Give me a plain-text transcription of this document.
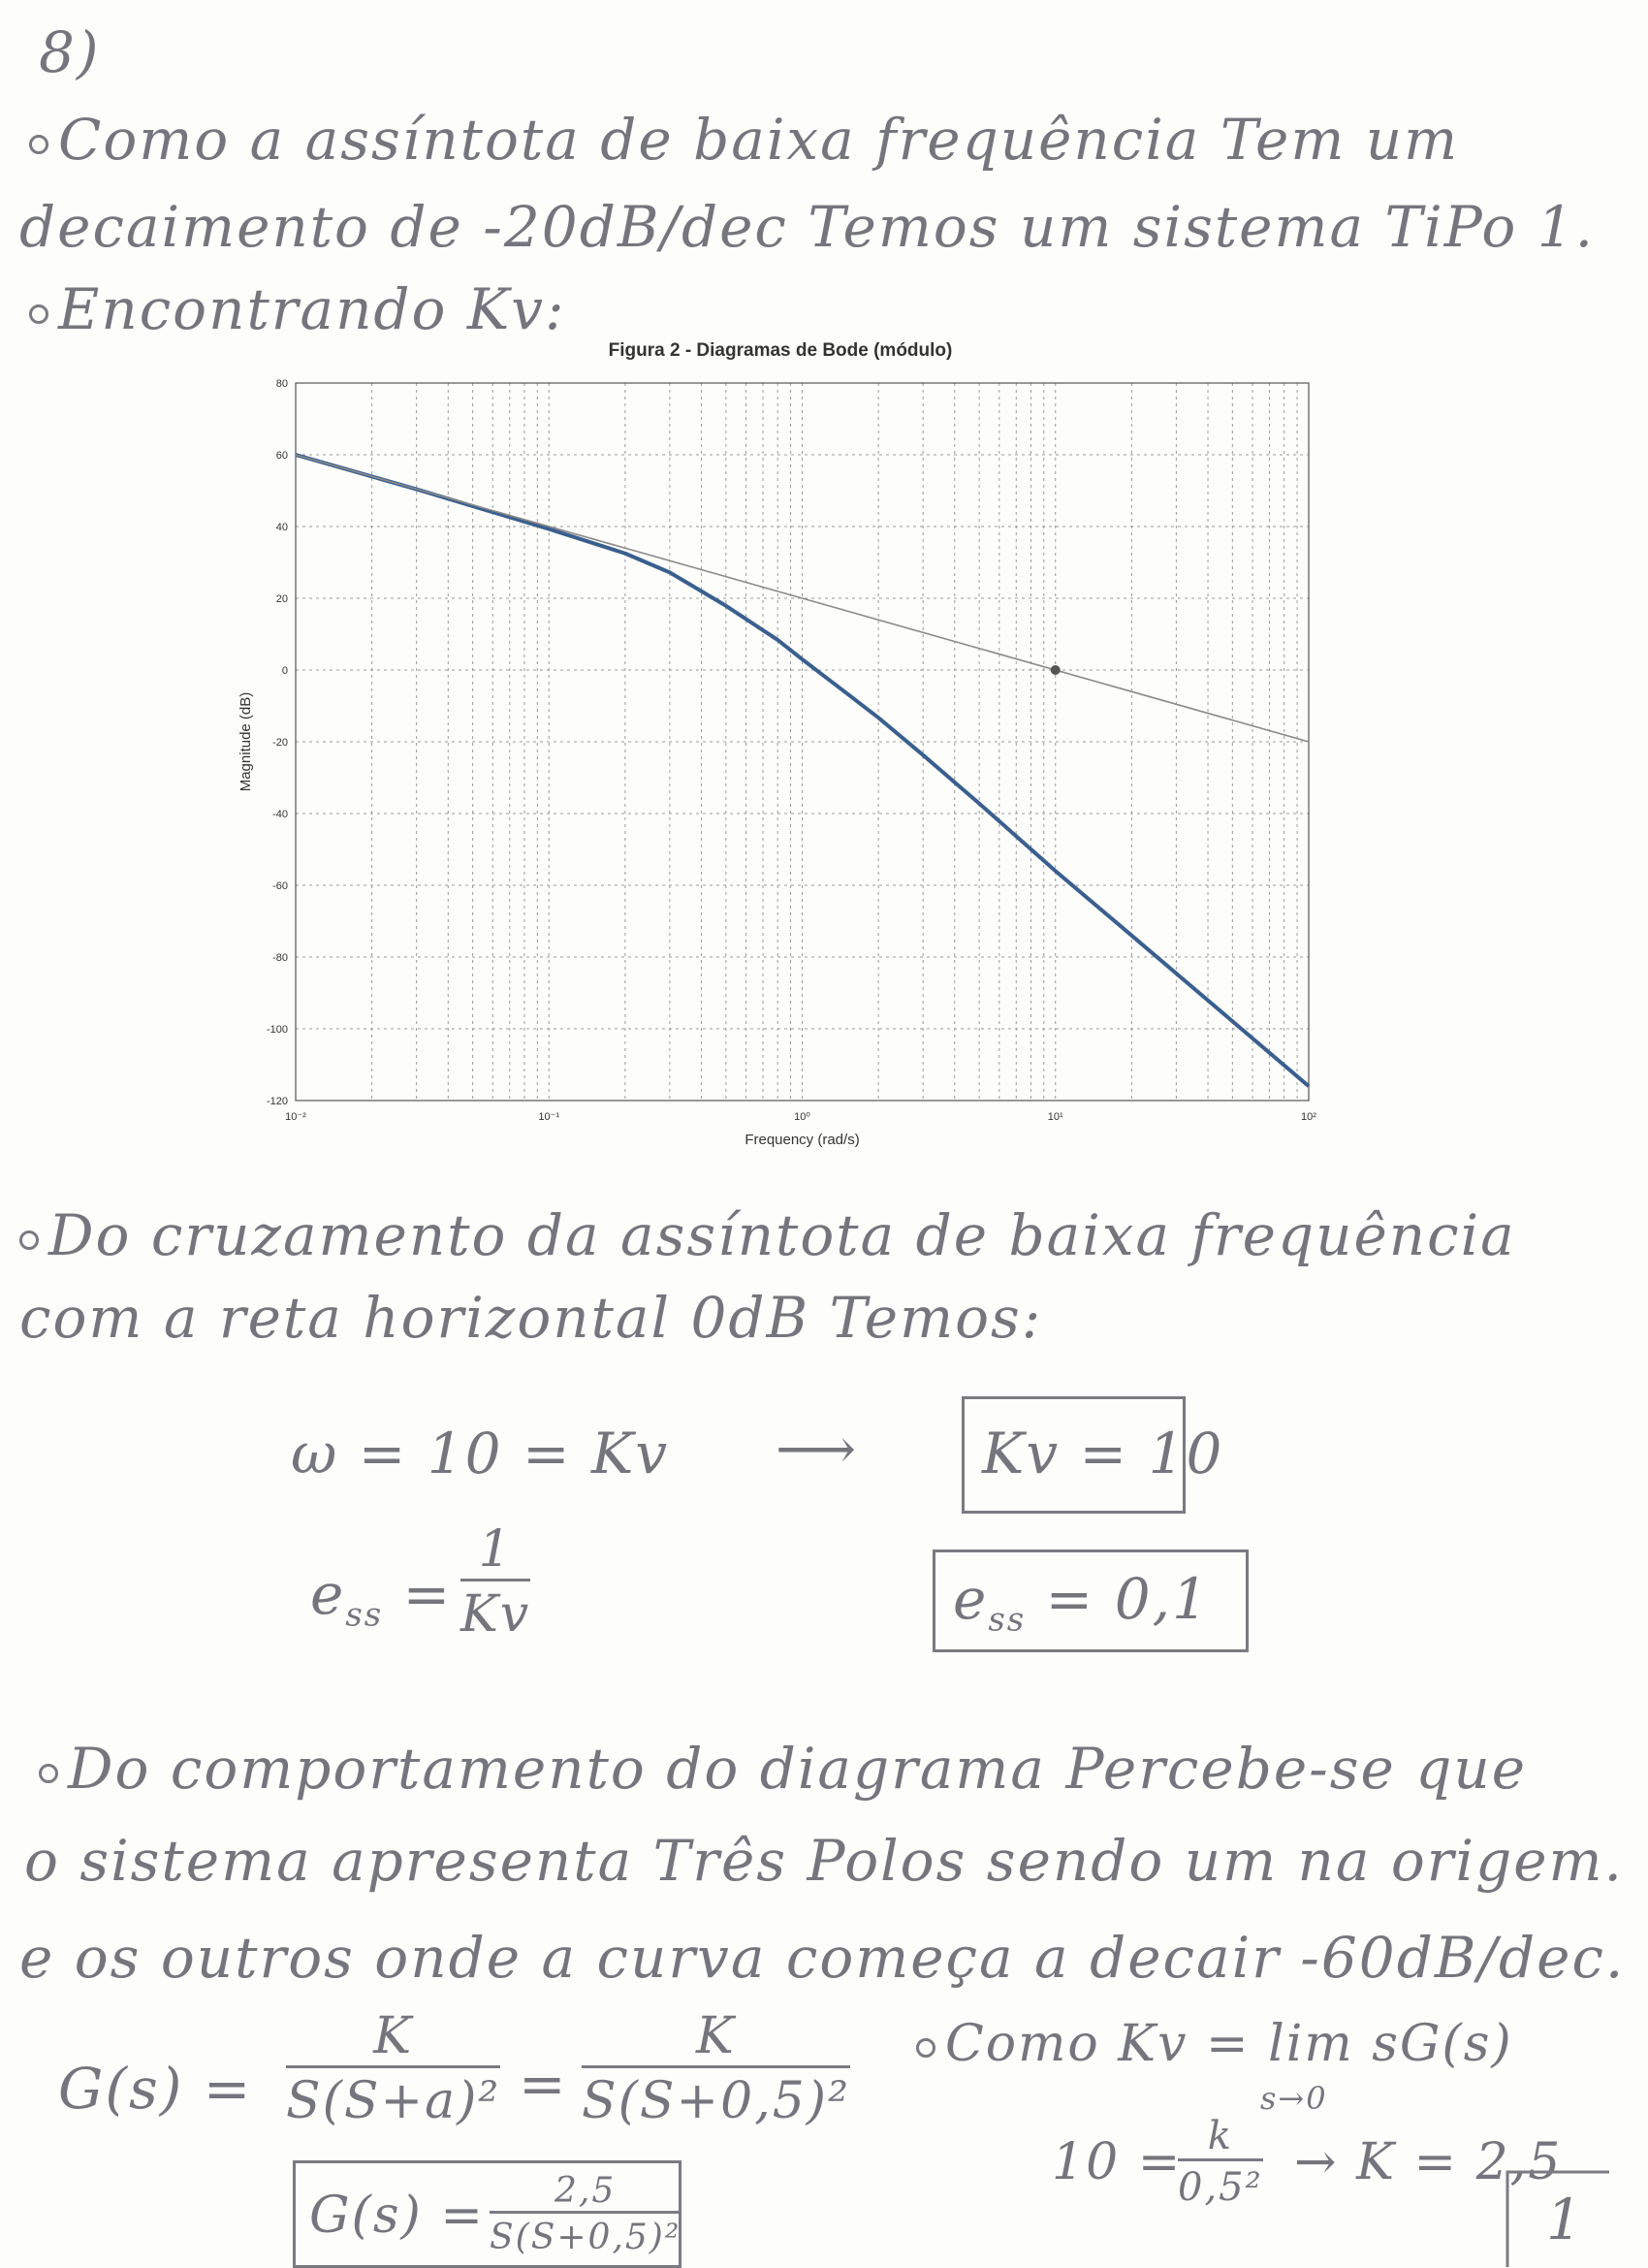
8)
Como a assíntota de baixa frequência Tem um
decaimento de -20dB/dec Temos um sistema TiPo 1.
Encontrando Kv:
Figura 2 - Diagramas de Bode (módulo)
80
60
40
20
0
-20
-40
-60
-80
-100
-120
10⁻²	10⁻¹	10⁰	10¹	10²
Magnitude (dB)
Frequency (rad/s)
Do cruzamento da assíntota de baixa frequência
com a reta horizontal 0dB Temos:
ω = 10 = Kv ⟶ Kv = 10
$e_{ss} = \frac{1}{Kv}$	$e_{ss} = 0,1$
Do comportamento do diagrama Percebe-se que
o sistema apresenta Três Polos sendo um na origem.
e os outros onde a curva começa a decair -60dB/dec.
$G(s) = \frac{K}{\text{S(S+a)²}} = \frac{K}{\text{S(S+0,5)²}}$	Como Kv = lim sG(s)
s→0
10 =
$\frac{k}{\text{0,5²}} \to K = 2,5$
$G(s) = \frac{2,5}{\text{S(S+0,5)²}}$	1
